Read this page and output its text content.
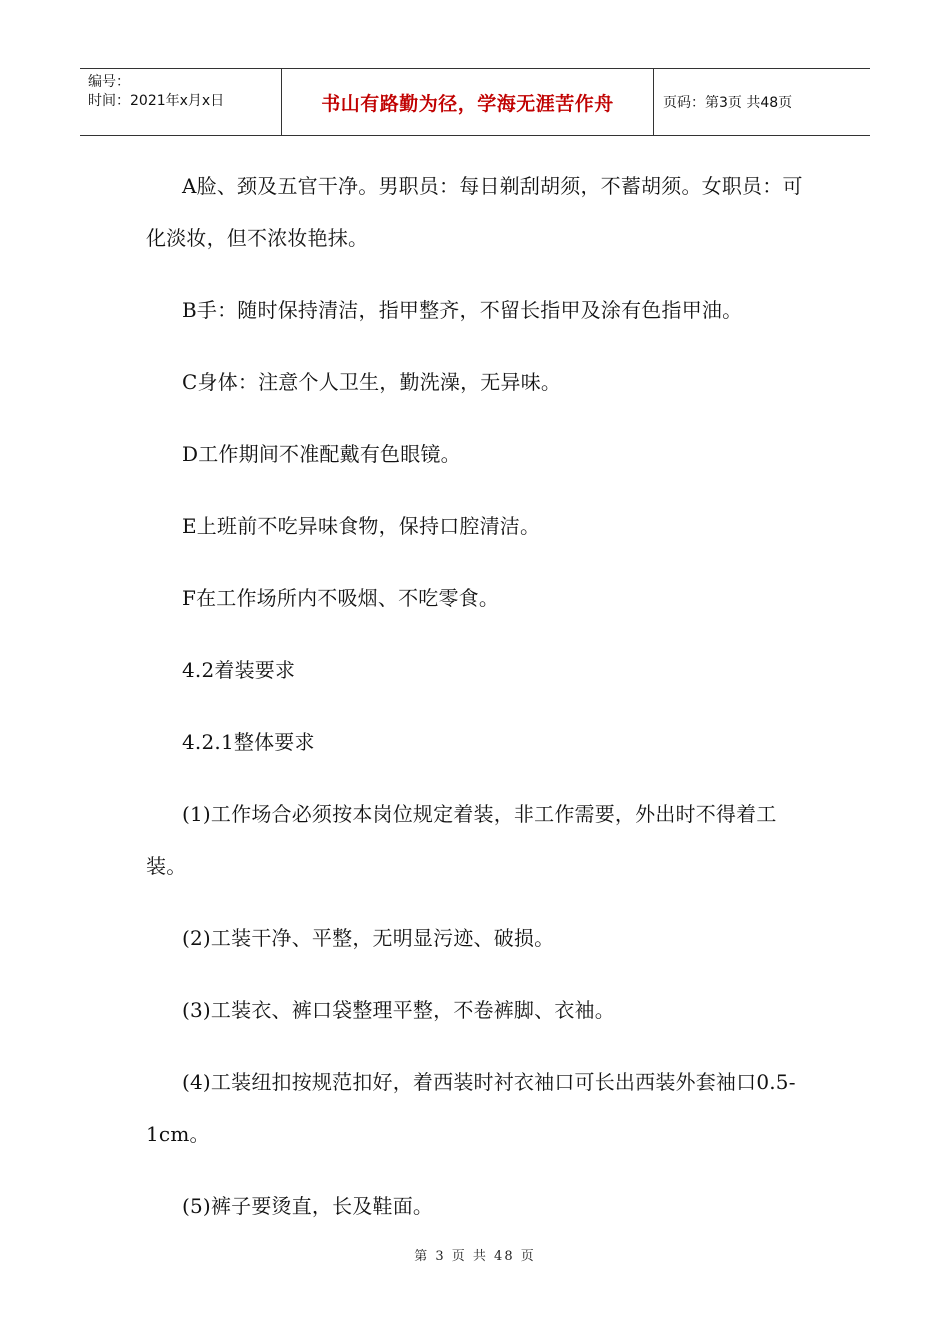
编号：
时间：2021年x月x日	书山有路勤为径，学海无涯苦作舟	页码：第3页 共48页

A脸、颈及五官干净。男职员：每日剃刮胡须，不蓄胡须。女职员：可化淡妆，但不浓妆艳抹。

B手：随时保持清洁，指甲整齐，不留长指甲及涂有色指甲油。

C身体：注意个人卫生，勤洗澡，无异味。

D工作期间不准配戴有色眼镜。

E上班前不吃异味食物，保持口腔清洁。

F在工作场所内不吸烟、不吃零食。

4.2着装要求

4.2.1整体要求

(1)工作场合必须按本岗位规定着装，非工作需要，外出时不得着工装。

(2)工装干净、平整，无明显污迹、破损。

(3)工装衣、裤口袋整理平整，不卷裤脚、衣袖。

(4)工装纽扣按规范扣好，着西装时衬衣袖口可长出西装外套袖口0.5-1cm。

(5)裤子要烫直，长及鞋面。

第 3 页 共 48 页
